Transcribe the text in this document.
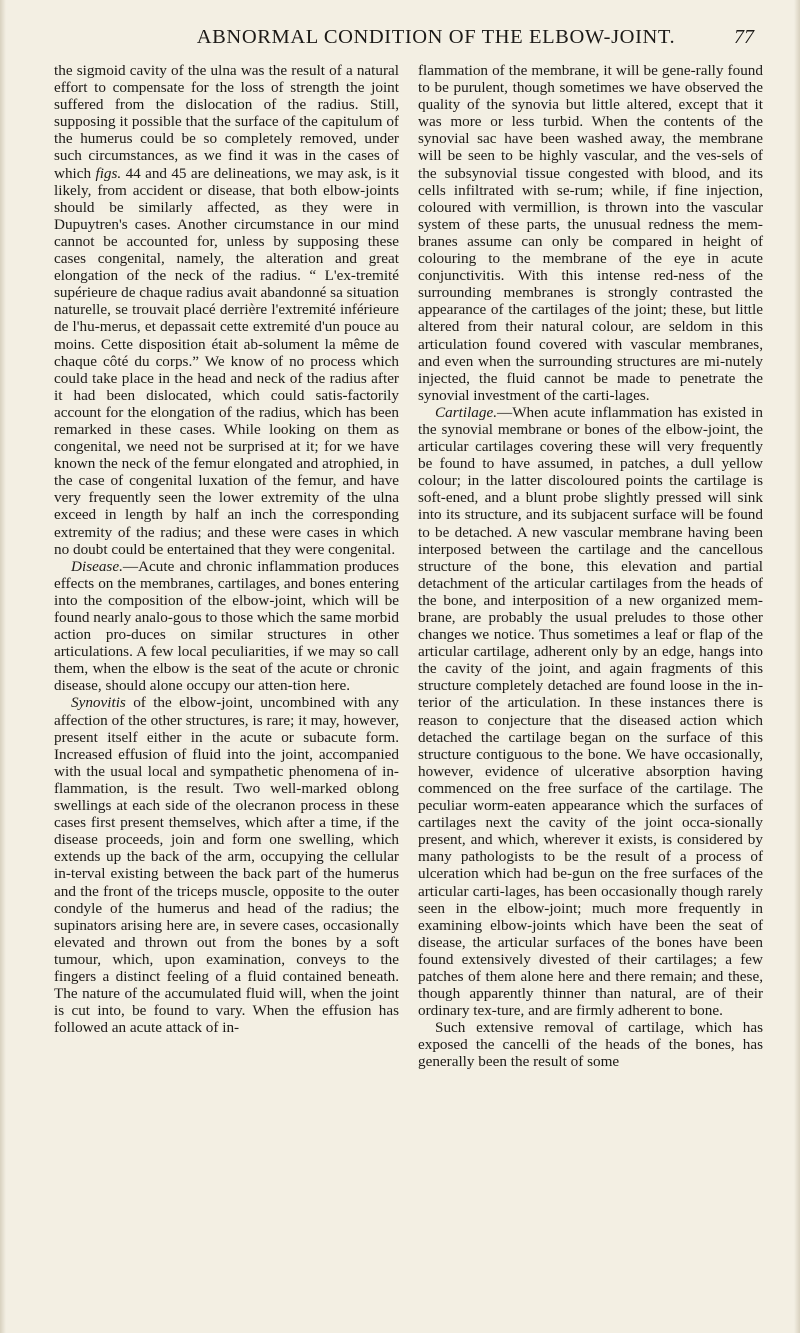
ABNORMAL CONDITION OF THE ELBOW-JOINT.	77

the sigmoid cavity of the ulna was the result of a natural effort to compensate for the loss of strength the joint suffered from the dislocation of the radius. Still, supposing it possible that the surface of the capitulum of the humerus could be so completely removed, under such circumstances, as we find it was in the cases of which figs. 44 and 45 are delineations, we may ask, is it likely, from accident or disease, that both elbow-joints should be similarly affected, as they were in Dupuytren's cases. Another circumstance in our mind cannot be accounted for, unless by supposing these cases congenital, namely, the alteration and great elongation of the neck of the radius. “ L'ex-tremité supérieure de chaque radius avait abandonné sa situation naturelle, se trouvait placé derrière l'extremité inférieure de l'hu-merus, et depassait cette extremité d'un pouce au moins. Cette disposition était ab-solument la même de chaque côté du corps.” We know of no process which could take place in the head and neck of the radius after it had been dislocated, which could satis-factorily account for the elongation of the radius, which has been remarked in these cases. While looking on them as congenital, we need not be surprised at it; for we have known the neck of the femur elongated and atrophied, in the case of congenital luxation of the femur, and have very frequently seen the lower extremity of the ulna exceed in length by half an inch the corresponding extremity of the radius; and these were cases in which no doubt could be entertained that they were congenital.

Disease.—Acute and chronic inflammation produces effects on the membranes, cartilages, and bones entering into the composition of the elbow-joint, which will be found nearly analo-gous to those which the same morbid action pro-duces on similar structures in other articulations. A few local peculiarities, if we may so call them, when the elbow is the seat of the acute or chronic disease, should alone occupy our atten-tion here.

Synovitis of the elbow-joint, uncombined with any affection of the other structures, is rare; it may, however, present itself either in the acute or subacute form. Increased effusion of fluid into the joint, accompanied with the usual local and sympathetic phenomena of in-flammation, is the result. Two well-marked oblong swellings at each side of the olecranon process in these cases first present themselves, which after a time, if the disease proceeds, join and form one swelling, which extends up the back of the arm, occupying the cellular in-terval existing between the back part of the humerus and the front of the triceps muscle, opposite to the outer condyle of the humerus and head of the radius; the supinators arising here are, in severe cases, occasionally elevated and thrown out from the bones by a soft tumour, which, upon examination, conveys to the fingers a distinct feeling of a fluid contained beneath. The nature of the accumulated fluid will, when the joint is cut into, be found to vary. When the effusion has followed an acute attack of in-

flammation of the membrane, it will be gene-rally found to be purulent, though sometimes we have observed the quality of the synovia but little altered, except that it was more or less turbid. When the contents of the synovial sac have been washed away, the membrane will be seen to be highly vascular, and the ves-sels of the subsynovial tissue congested with blood, and its cells infiltrated with se-rum; while, if fine injection, coloured with vermillion, is thrown into the vascular system of these parts, the unusual redness the mem-branes assume can only be compared in height of colouring to the membrane of the eye in acute conjunctivitis. With this intense red-ness of the surrounding membranes is strongly contrasted the appearance of the cartilages of the joint; these, but little altered from their natural colour, are seldom in this articulation found covered with vascular membranes, and even when the surrounding structures are mi-nutely injected, the fluid cannot be made to penetrate the synovial investment of the carti-lages.

Cartilage.—When acute inflammation has existed in the synovial membrane or bones of the elbow-joint, the articular cartilages covering these will very frequently be found to have assumed, in patches, a dull yellow colour; in the latter discoloured points the cartilage is soft-ened, and a blunt probe slightly pressed will sink into its structure, and its subjacent surface will be found to be detached. A new vascular membrane having been interposed between the cartilage and the cancellous structure of the bone, this elevation and partial detachment of the articular cartilages from the heads of the bone, and interposition of a new organized mem-brane, are probably the usual preludes to those other changes we notice. Thus sometimes a leaf or flap of the articular cartilage, adherent only by an edge, hangs into the cavity of the joint, and again fragments of this structure completely detached are found loose in the in-terior of the articulation. In these instances there is reason to conjecture that the diseased action which detached the cartilage began on the surface of this structure contiguous to the bone. We have occasionally, however, evidence of ulcerative absorption having commenced on the free surface of the cartilage. The peculiar worm-eaten appearance which the surfaces of cartilages next the cavity of the joint occa-sionally present, and which, wherever it exists, is considered by many pathologists to be the result of a process of ulceration which had be-gun on the free surfaces of the articular carti-lages, has been occasionally though rarely seen in the elbow-joint; much more frequently in examining elbow-joints which have been the seat of disease, the articular surfaces of the bones have been found extensively divested of their cartilages; a few patches of them alone here and there remain; and these, though apparently thinner than natural, are of their ordinary tex-ture, and are firmly adherent to bone.

Such extensive removal of cartilage, which has exposed the cancelli of the heads of the bones, has generally been the result of some
